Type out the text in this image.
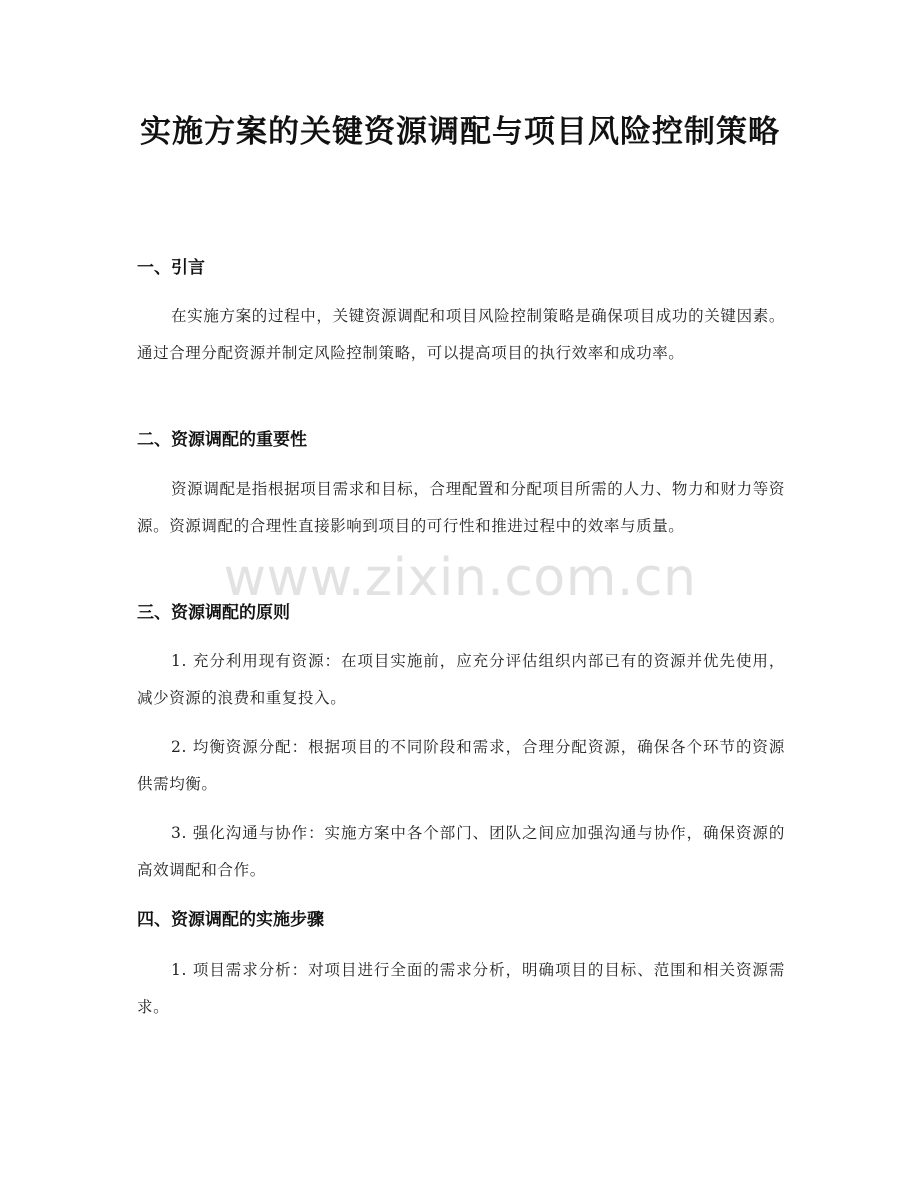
实施方案的关键资源调配与项目风险控制策略
www.zixin.com.cn
一、引言
在实施方案的过程中，关键资源调配和项目风险控制策略是确保项目成功的关键因素。通过合理分配资源并制定风险控制策略，可以提高项目的执行效率和成功率。
二、资源调配的重要性
资源调配是指根据项目需求和目标，合理配置和分配项目所需的人力、物力和财力等资源。资源调配的合理性直接影响到项目的可行性和推进过程中的效率与质量。
三、资源调配的原则
1. 充分利用现有资源：在项目实施前，应充分评估组织内部已有的资源并优先使用，减少资源的浪费和重复投入。
2. 均衡资源分配：根据项目的不同阶段和需求，合理分配资源，确保各个环节的资源供需均衡。
3. 强化沟通与协作：实施方案中各个部门、团队之间应加强沟通与协作，确保资源的高效调配和合作。
四、资源调配的实施步骤
1. 项目需求分析：对项目进行全面的需求分析，明确项目的目标、范围和相关资源需求。
